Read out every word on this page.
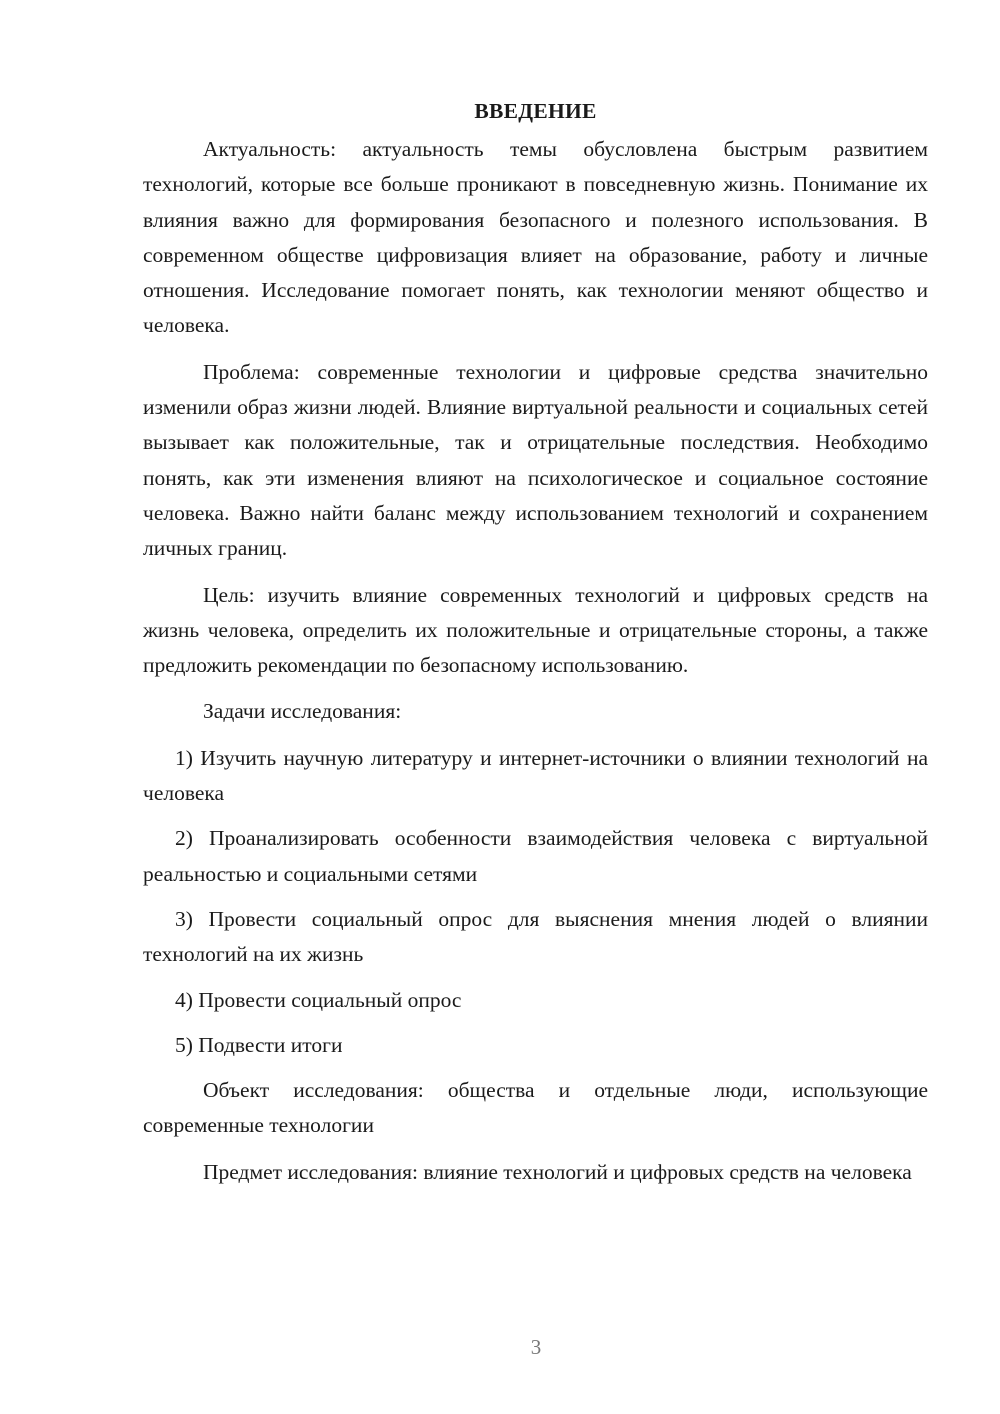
ВВЕДЕНИЕ

Актуальность: актуальность темы обусловлена быстрым развитием технологий, которые все больше проникают в повседневную жизнь. Понимание их влияния важно для формирования безопасного и полезного использования. В современном обществе цифровизация влияет на образование, работу и личные отношения. Исследование помогает понять, как технологии меняют общество и человека.

Проблема: современные технологии и цифровые средства значительно изменили образ жизни людей. Влияние виртуальной реальности и социальных сетей вызывает как положительные, так и отрицательные последствия. Необходимо понять, как эти изменения влияют на психологическое и социальное состояние человека. Важно найти баланс между использованием технологий и сохранением личных границ.

Цель: изучить влияние современных технологий и цифровых средств на жизнь человека, определить их положительные и отрицательные стороны, а также предложить рекомендации по безопасному использованию.

Задачи исследования:

1) Изучить научную литературу и интернет-источники о влиянии технологий на человека

2) Проанализировать особенности взаимодействия человека с виртуальной реальностью и социальными сетями

3) Провести социальный опрос для выяснения мнения людей о влиянии технологий на их жизнь

4) Провести социальный опрос

5) Подвести итоги

Объект исследования: общества и отдельные люди, использующие современные технологии

Предмет исследования: влияние технологий и цифровых средств на человека

3
